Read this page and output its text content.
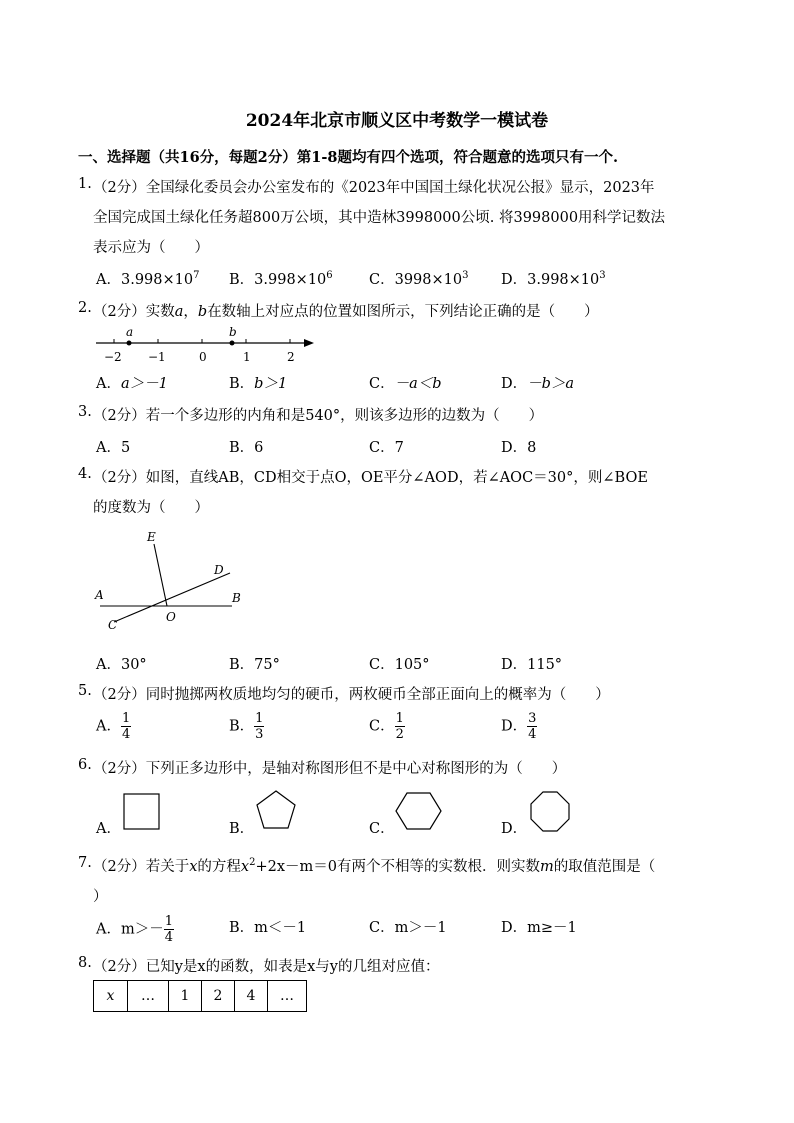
2024年北京市顺义区中考数学一模试卷
一、选择题（共16分，每题2分）第1-8题均有四个选项，符合题意的选项只有一个.
1. （2分）全国绿化委员会办公室发布的《2023年中国国土绿化状况公报》显示，2023年
全国完成国土绿化任务超800万公顷，其中造林3998000公顷. 将3998000用科学记数法
表示应为（　　）
A．$3.998\times 10^7$ B．$3.998\times 10^6$	C．$3998\times 10^3$ D．$3.998\times 10^3$
2. （2分）实数a，b在数轴上对应点的位置如图所示，下列结论正确的是（　　）
a	b
−2 −1	0	1	2
A．a＞－1	B．b＞1	C．－a＜b	D．－b＞a
3. （2分）若一个多边形的内角和是540°，则该多边形的边数为（　　）
A．5	B．6	C．7	D．8
4. （2分）如图，直线AB，CD相交于点O，OE平分∠AOD，若∠AOC＝30°，则∠BOE
的度数为（　　）
E
D
A	B
C
O
A．30°	B．75°	C．105°	D．115°
5. （2分）同时抛掷两枚质地均匀的硬币，两枚硬币全部正面向上的概率为（　　）
A． $\frac{1}{4}$	B． $\frac{1}{3}$	C． $\frac{1}{2}$	D． $\frac{3}{4}$
6. （2分）下列正多边形中，是轴对称图形但不是中心对称图形的为（　　）
A．	B．	C．	D．
7. （2分）若关于x的方程$x^2+2x-m=0$有两个不相等的实数根．则实数m的取值范围是（
）
A．$m>- \frac{1}{4}$	B．m＜－1	C．m＞－1	D．m≥－1
8. （2分）已知y是x的函数，如表是x与y的几组对应值：
x	…	1	2	4	…
